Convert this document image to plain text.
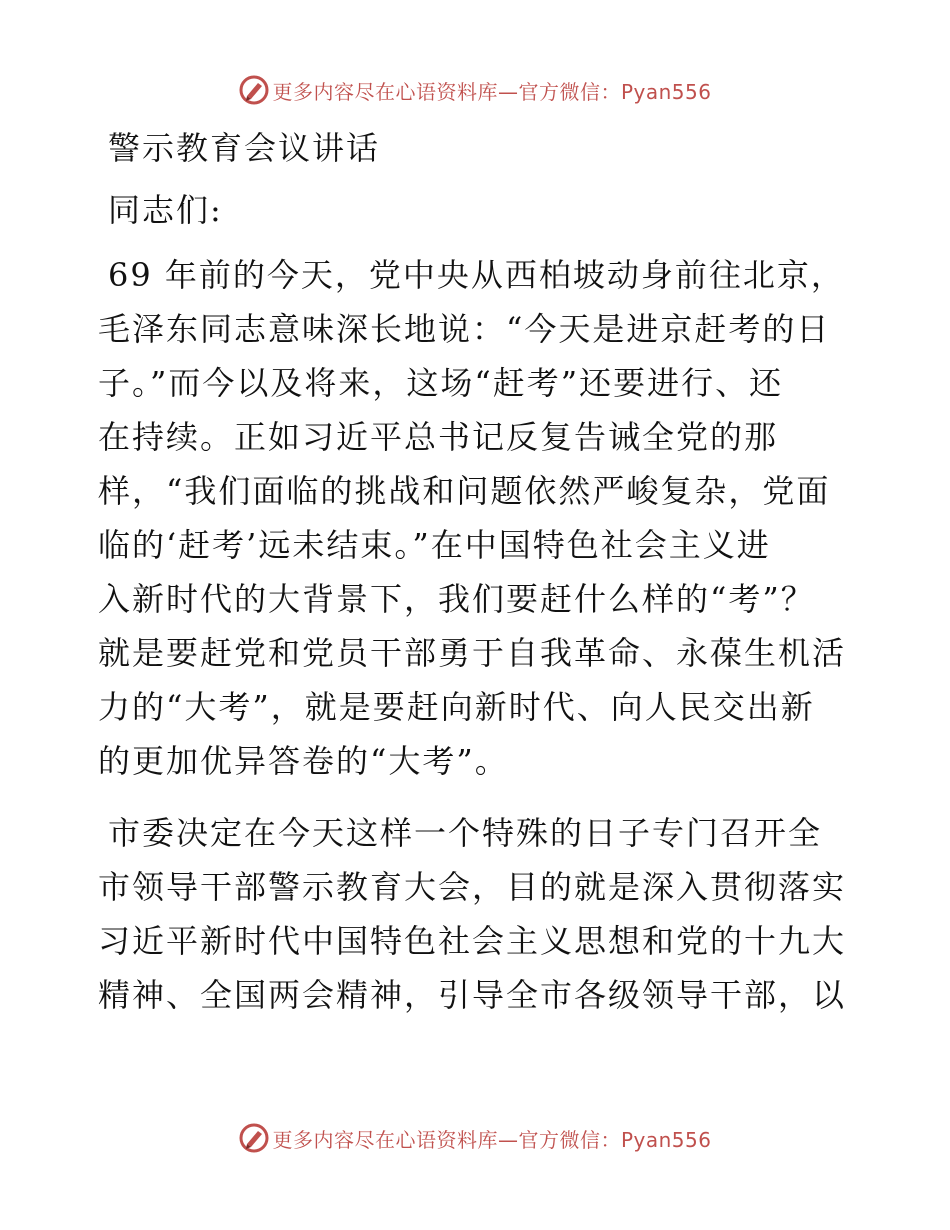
更多内容尽在心语资料库—官方微信：Pyan556
警示教育会议讲话
同志们:
69 年前的今天，党中央从西柏坡动身前往北京，
毛泽东同志意味深长地说：“今天是进京赶考的日
子。”而今以及将来，这场“赶考”还要进行、还
在持续。正如习近平总书记反复告诫全党的那
样，“我们面临的挑战和问题依然严峻复杂，党面
临的‘赶考’远未结束。”在中国特色社会主义进
入新时代的大背景下，我们要赶什么样的“考”？
就是要赶党和党员干部勇于自我革命、永葆生机活
力的“大考”，就是要赶向新时代、向人民交出新
的更加优异答卷的“大考”。
市委决定在今天这样一个特殊的日子专门召开全
市领导干部警示教育大会，目的就是深入贯彻落实
习近平新时代中国特色社会主义思想和党的十九大
精神、全国两会精神，引导全市各级领导干部，以
更多内容尽在心语资料库—官方微信：Pyan556
